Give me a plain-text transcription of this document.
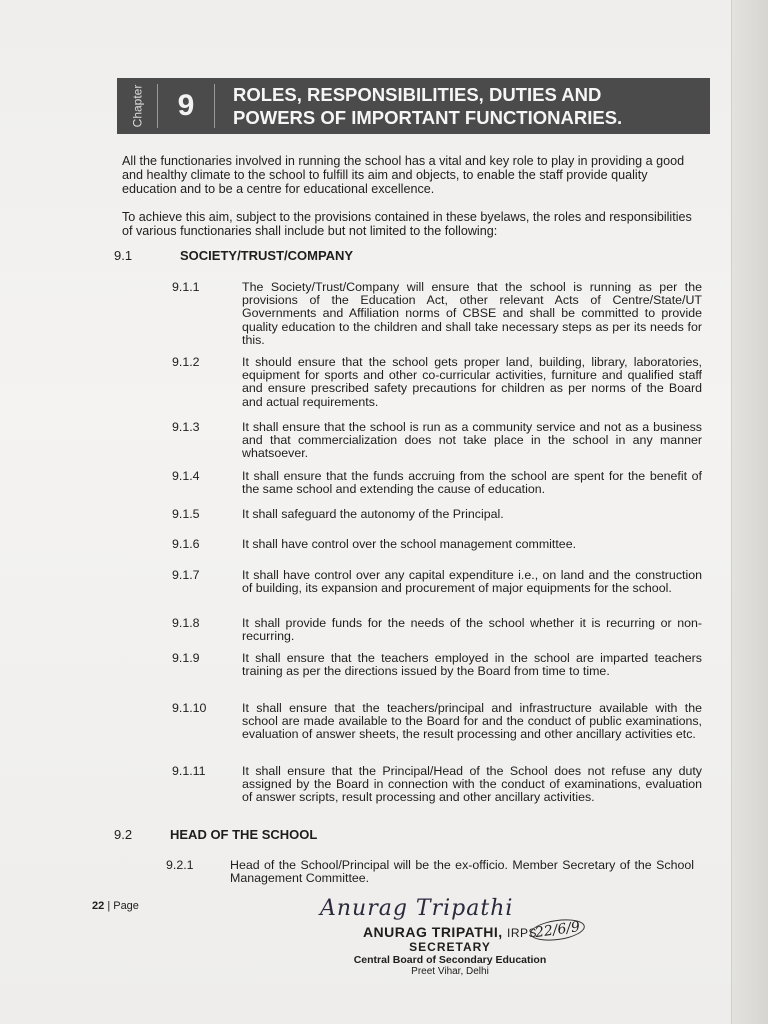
Chapter	9	ROLES, RESPONSIBILITIES, DUTIES AND
POWERS OF IMPORTANT FUNCTIONARIES.
All the functionaries involved in running the school has a vital and key role to play in providing a good and healthy climate to the school to fulfill its aim and objects, to enable the staff provide quality education and to be a centre for educational excellence.
To achieve this aim, subject to the provisions contained in these byelaws, the roles and responsibilities of various functionaries shall include but not limited to the following:
9.1	SOCIETY/TRUST/COMPANY
9.1.1	The Society/Trust/Company will ensure that the school is running as per the provisions of the Education Act, other relevant Acts of Centre/State/UT Governments and Affiliation norms of CBSE and shall be committed to provide quality education to the children and shall take necessary steps as per its needs for this.
9.1.2	It should ensure that the school gets proper land, building, library, laboratories, equipment for sports and other co-curricular activities, furniture and qualified staff and ensure prescribed safety precautions for children as per norms of the Board and actual requirements.
9.1.3	It shall ensure that the school is run as a community service and not as a business and that commercialization does not take place in the school in any manner whatsoever.
9.1.4	It shall ensure that the funds accruing from the school are spent for the benefit of the same school and extending the cause of education.
9.1.5	It shall safeguard the autonomy of the Principal.
9.1.6	It shall have control over the school management committee.
9.1.7	It shall have control over any capital expenditure i.e., on land and the construction of building, its expansion and procurement of major equipments for the school.
9.1.8	It shall provide funds for the needs of the school whether it is recurring or non-recurring.
9.1.9	It shall ensure that the teachers employed in the school are imparted teachers training as per the directions issued by the Board from time to time.
9.1.10	It shall ensure that the teachers/principal and infrastructure available with the school are made available to the Board for and the conduct of public examinations, evaluation of answer sheets, the result processing and other ancillary activities etc.
9.1.11	It shall ensure that the Principal/Head of the School does not refuse any duty assigned by the Board in connection with the conduct of examinations, evaluation of answer scripts, result processing and other ancillary activities.
9.2	HEAD OF THE SCHOOL
9.2.1	Head of the School/Principal will be the ex-officio. Member Secretary of the School Management Committee.
22 | Page	Anurag Tripathi
22/6/9
ANURAG TRIPATHI, IRPS
SECRETARY
Central Board of Secondary Education
Preet Vihar, Delhi
